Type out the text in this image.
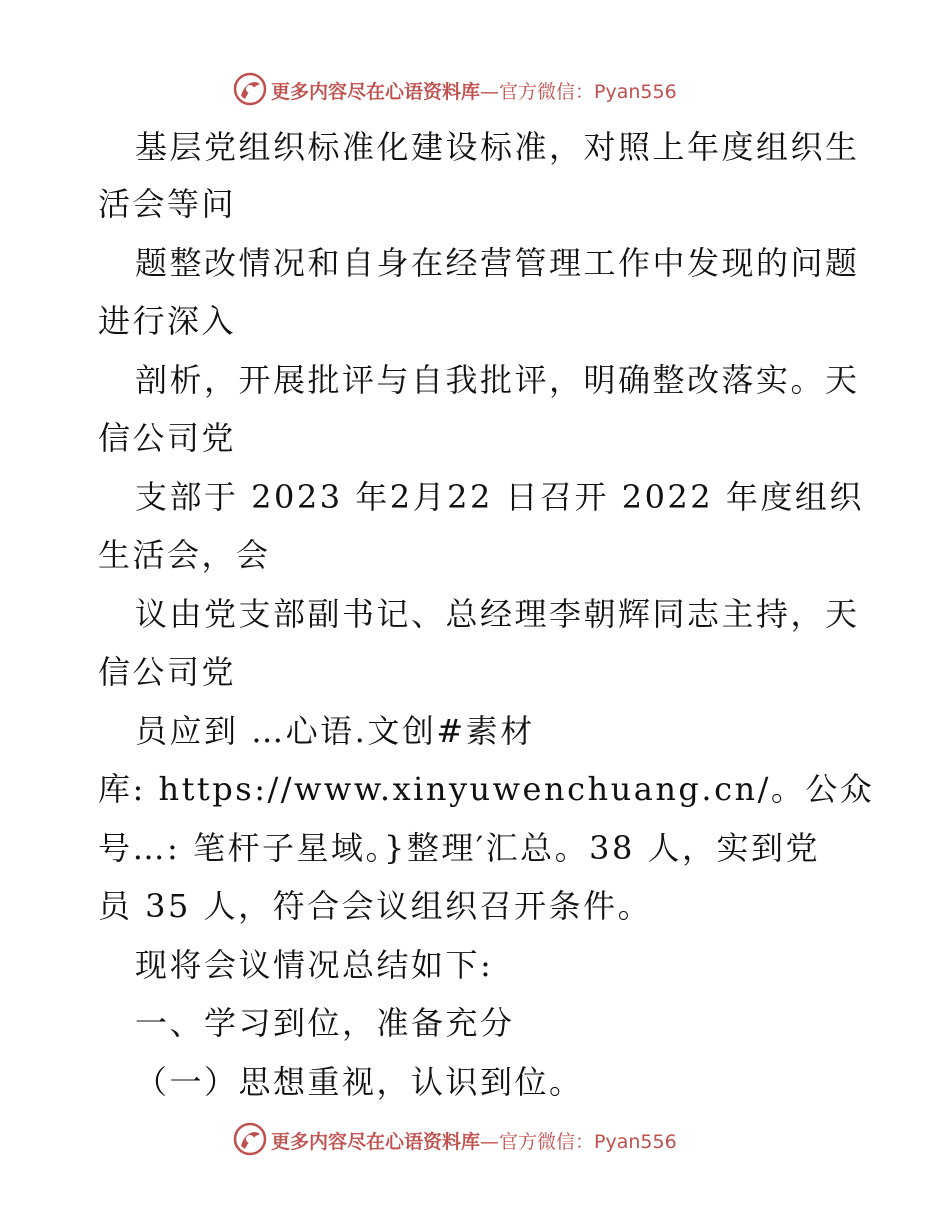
更多内容尽在心语资料库—官方微信：Pyan556
基层党组织标准化建设标准，对照上年度组织生
活会等问
题整改情况和自身在经营管理工作中发现的问题
进行深入
剖析，开展批评与自我批评，明确整改落实。天
信公司党
支部于 2023 年2月22 日召开 2022 年度组织
生活会，会
议由党支部副书记、总经理李朝辉同志主持，天
信公司党
员应到 …心语.文创#素材
库: https://www.xinyuwenchuang.cn/。公众
号…: 笔杆子星域。}整理′汇总。38 人，实到党
员 35 人，符合会议组织召开条件。
现将会议情况总结如下:
一、学习到位，准备充分
（一）思想重视，认识到位。
更多内容尽在心语资料库—官方微信：Pyan556
